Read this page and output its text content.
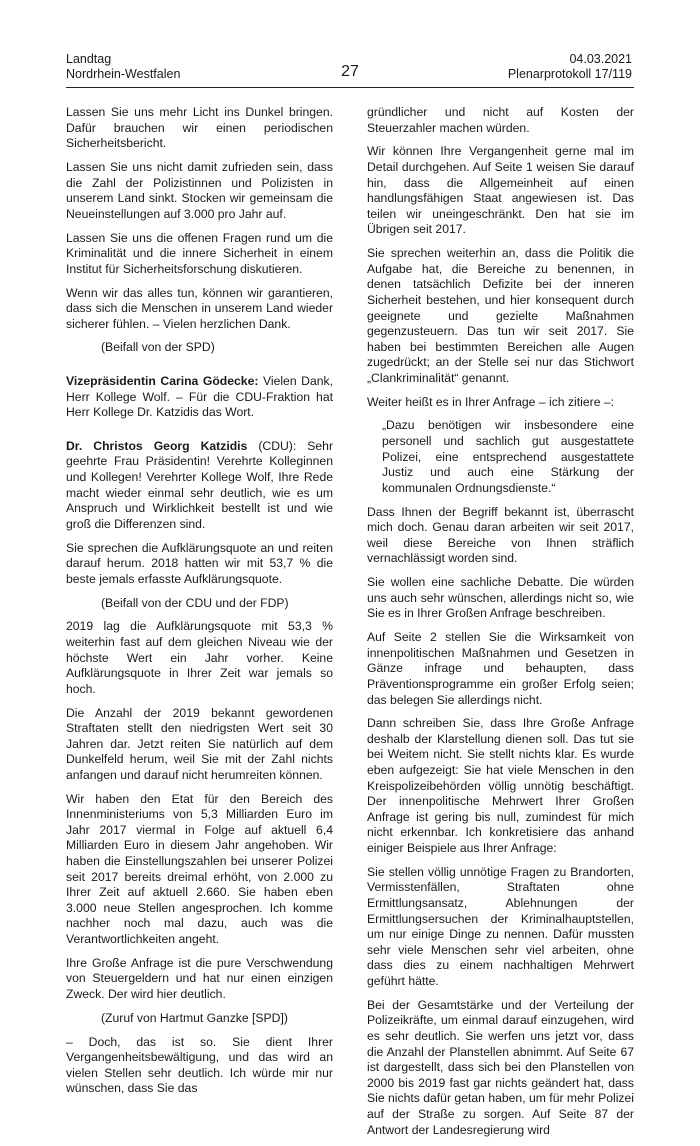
Landtag
Nordrhein-Westfalen	27
04.03.2021
Plenarprotokoll 17/119

Lassen Sie uns mehr Licht ins Dunkel bringen. Dafür brauchen wir einen periodischen Sicherheitsbericht.

Lassen Sie uns nicht damit zufrieden sein, dass die Zahl der Polizistinnen und Polizisten in unserem Land sinkt. Stocken wir gemeinsam die Neueinstellungen auf 3.000 pro Jahr auf.

Lassen Sie uns die offenen Fragen rund um die Kriminalität und die innere Sicherheit in einem Institut für Sicherheitsforschung diskutieren.

Wenn wir das alles tun, können wir garantieren, dass sich die Menschen in unserem Land wieder sicherer fühlen. – Vielen herzlichen Dank.

(Beifall von der SPD)

Vizepräsidentin Carina Gödecke: Vielen Dank, Herr Kollege Wolf. – Für die CDU-Fraktion hat Herr Kollege Dr. Katzidis das Wort.

Dr. Christos Georg Katzidis (CDU): Sehr geehrte Frau Präsidentin! Verehrte Kolleginnen und Kollegen! Verehrter Kollege Wolf, Ihre Rede macht wieder einmal sehr deutlich, wie es um Anspruch und Wirklichkeit bestellt ist und wie groß die Differenzen sind.

Sie sprechen die Aufklärungsquote an und reiten darauf herum. 2018 hatten wir mit 53,7 % die beste jemals erfasste Aufklärungsquote.

(Beifall von der CDU und der FDP)

2019 lag die Aufklärungsquote mit 53,3 % weiterhin fast auf dem gleichen Niveau wie der höchste Wert ein Jahr vorher. Keine Aufklärungsquote in Ihrer Zeit war jemals so hoch.

Die Anzahl der 2019 bekannt gewordenen Straftaten stellt den niedrigsten Wert seit 30 Jahren dar. Jetzt reiten Sie natürlich auf dem Dunkelfeld herum, weil Sie mit der Zahl nichts anfangen und darauf nicht herumreiten können.

Wir haben den Etat für den Bereich des Innenministeriums von 5,3 Milliarden Euro im Jahr 2017 viermal in Folge auf aktuell 6,4 Milliarden Euro in diesem Jahr angehoben. Wir haben die Einstellungszahlen bei unserer Polizei seit 2017 bereits dreimal erhöht, von 2.000 zu Ihrer Zeit auf aktuell 2.660. Sie haben eben 3.000 neue Stellen angesprochen. Ich komme nachher noch mal dazu, auch was die Verantwortlichkeiten angeht.

Ihre Große Anfrage ist die pure Verschwendung von Steuergeldern und hat nur einen einzigen Zweck. Der wird hier deutlich.

(Zuruf von Hartmut Ganzke [SPD])

– Doch, das ist so. Sie dient Ihrer Vergangenheitsbewältigung, und das wird an vielen Stellen sehr deutlich. Ich würde mir nur wünschen, dass Sie das

gründlicher und nicht auf Kosten der Steuerzahler machen würden.

Wir können Ihre Vergangenheit gerne mal im Detail durchgehen. Auf Seite 1 weisen Sie darauf hin, dass die Allgemeinheit auf einen handlungsfähigen Staat angewiesen ist. Das teilen wir uneingeschränkt. Den hat sie im Übrigen seit 2017.

Sie sprechen weiterhin an, dass die Politik die Aufgabe hat, die Bereiche zu benennen, in denen tatsächlich Defizite bei der inneren Sicherheit bestehen, und hier konsequent durch geeignete und gezielte Maßnahmen gegenzusteuern. Das tun wir seit 2017. Sie haben bei bestimmten Bereichen alle Augen zugedrückt; an der Stelle sei nur das Stichwort „Clankriminalität“ genannt.

Weiter heißt es in Ihrer Anfrage – ich zitiere –:

„Dazu benötigen wir insbesondere eine personell und sachlich gut ausgestattete Polizei, eine entsprechend ausgestattete Justiz und auch eine Stärkung der kommunalen Ordnungsdienste.“

Dass Ihnen der Begriff bekannt ist, überrascht mich doch. Genau daran arbeiten wir seit 2017, weil diese Bereiche von Ihnen sträflich vernachlässigt worden sind.

Sie wollen eine sachliche Debatte. Die würden uns auch sehr wünschen, allerdings nicht so, wie Sie es in Ihrer Großen Anfrage beschreiben.

Auf Seite 2 stellen Sie die Wirksamkeit von innenpolitischen Maßnahmen und Gesetzen in Gänze infrage und behaupten, dass Präventionsprogramme ein großer Erfolg seien; das belegen Sie allerdings nicht.

Dann schreiben Sie, dass Ihre Große Anfrage deshalb der Klarstellung dienen soll. Das tut sie bei Weitem nicht. Sie stellt nichts klar. Es wurde eben aufgezeigt: Sie hat viele Menschen in den Kreispolizeibehörden völlig unnötig beschäftigt. Der innenpolitische Mehrwert Ihrer Großen Anfrage ist gering bis null, zumindest für mich nicht erkennbar. Ich konkretisiere das anhand einiger Beispiele aus Ihrer Anfrage:

Sie stellen völlig unnötige Fragen zu Brandorten, Vermisstenfällen, Straftaten ohne Ermittlungsansatz, Ablehnungen der Ermittlungsersuchen der Kriminalhauptstellen, um nur einige Dinge zu nennen. Dafür mussten sehr viele Menschen sehr viel arbeiten, ohne dass dies zu einem nachhaltigen Mehrwert geführt hätte.

Bei der Gesamtstärke und der Verteilung der Polizeikräfte, um einmal darauf einzugehen, wird es sehr deutlich. Sie werfen uns jetzt vor, dass die Anzahl der Planstellen abnimmt. Auf Seite 67 ist dargestellt, dass sich bei den Planstellen von 2000 bis 2019 fast gar nichts geändert hat, dass Sie nichts dafür getan haben, um für mehr Polizei auf der Straße zu sorgen. Auf Seite 87 der Antwort der Landesregierung wird
